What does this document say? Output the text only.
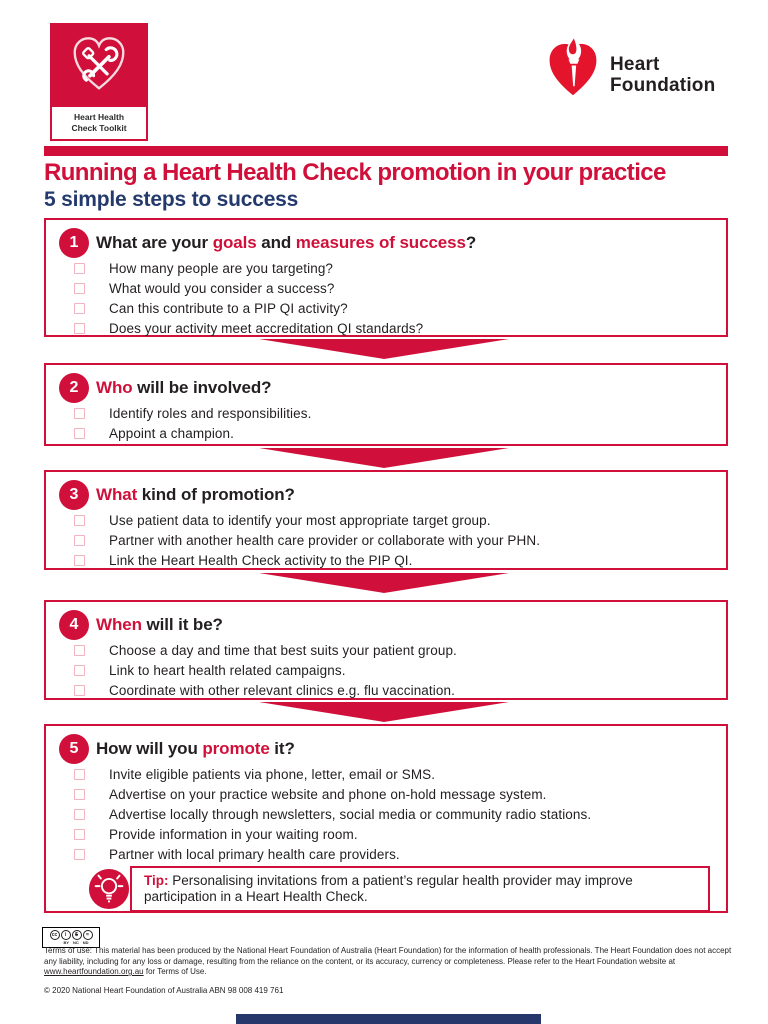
Heart Health
Check Toolkit
Heart
Foundation
Running a Heart Health Check promotion in your practice
5 simple steps to success
1	What are your goals and measures of success?
How many people are you targeting?
What would you consider a success?
Can this contribute to a PIP QI activity?
Does your activity meet accreditation QI standards?
2	Who will be involved?
Identify roles and responsibilities.
Appoint a champion.
3	What kind of promotion?
Use patient data to identify your most appropriate target group.
Partner with another health care provider or collaborate with your PHN.
Link the Heart Health Check activity to the PIP QI.
4	When will it be?
Choose a day and time that best suits your patient group.
Link to heart health related campaigns.
Coordinate with other relevant clinics e.g. flu vaccination.
5	How will you promote it?
Invite eligible patients via phone, letter, email or SMS.
Advertise on your practice website and phone on-hold message system.
Advertise locally through newsletters, social media or community radio stations.
Provide information in your waiting room.
Partner with local primary health care providers.
Tip: Personalising invitations from a patient’s regular health provider may improve participation in a Heart Health Check.
cc	i	$	=
BY NC ND
Terms of use: This material has been produced by the National Heart Foundation of Australia (Heart Foundation) for the information of health professionals. The Heart Foundation does not accept any liability, including for any loss or damage, resulting from the reliance on the content, or its accuracy, currency or completeness. Please refer to the Heart Foundation website at www.heartfoundation.org.au for Terms of Use.
© 2020 National Heart Foundation of Australia ABN 98 008 419 761
